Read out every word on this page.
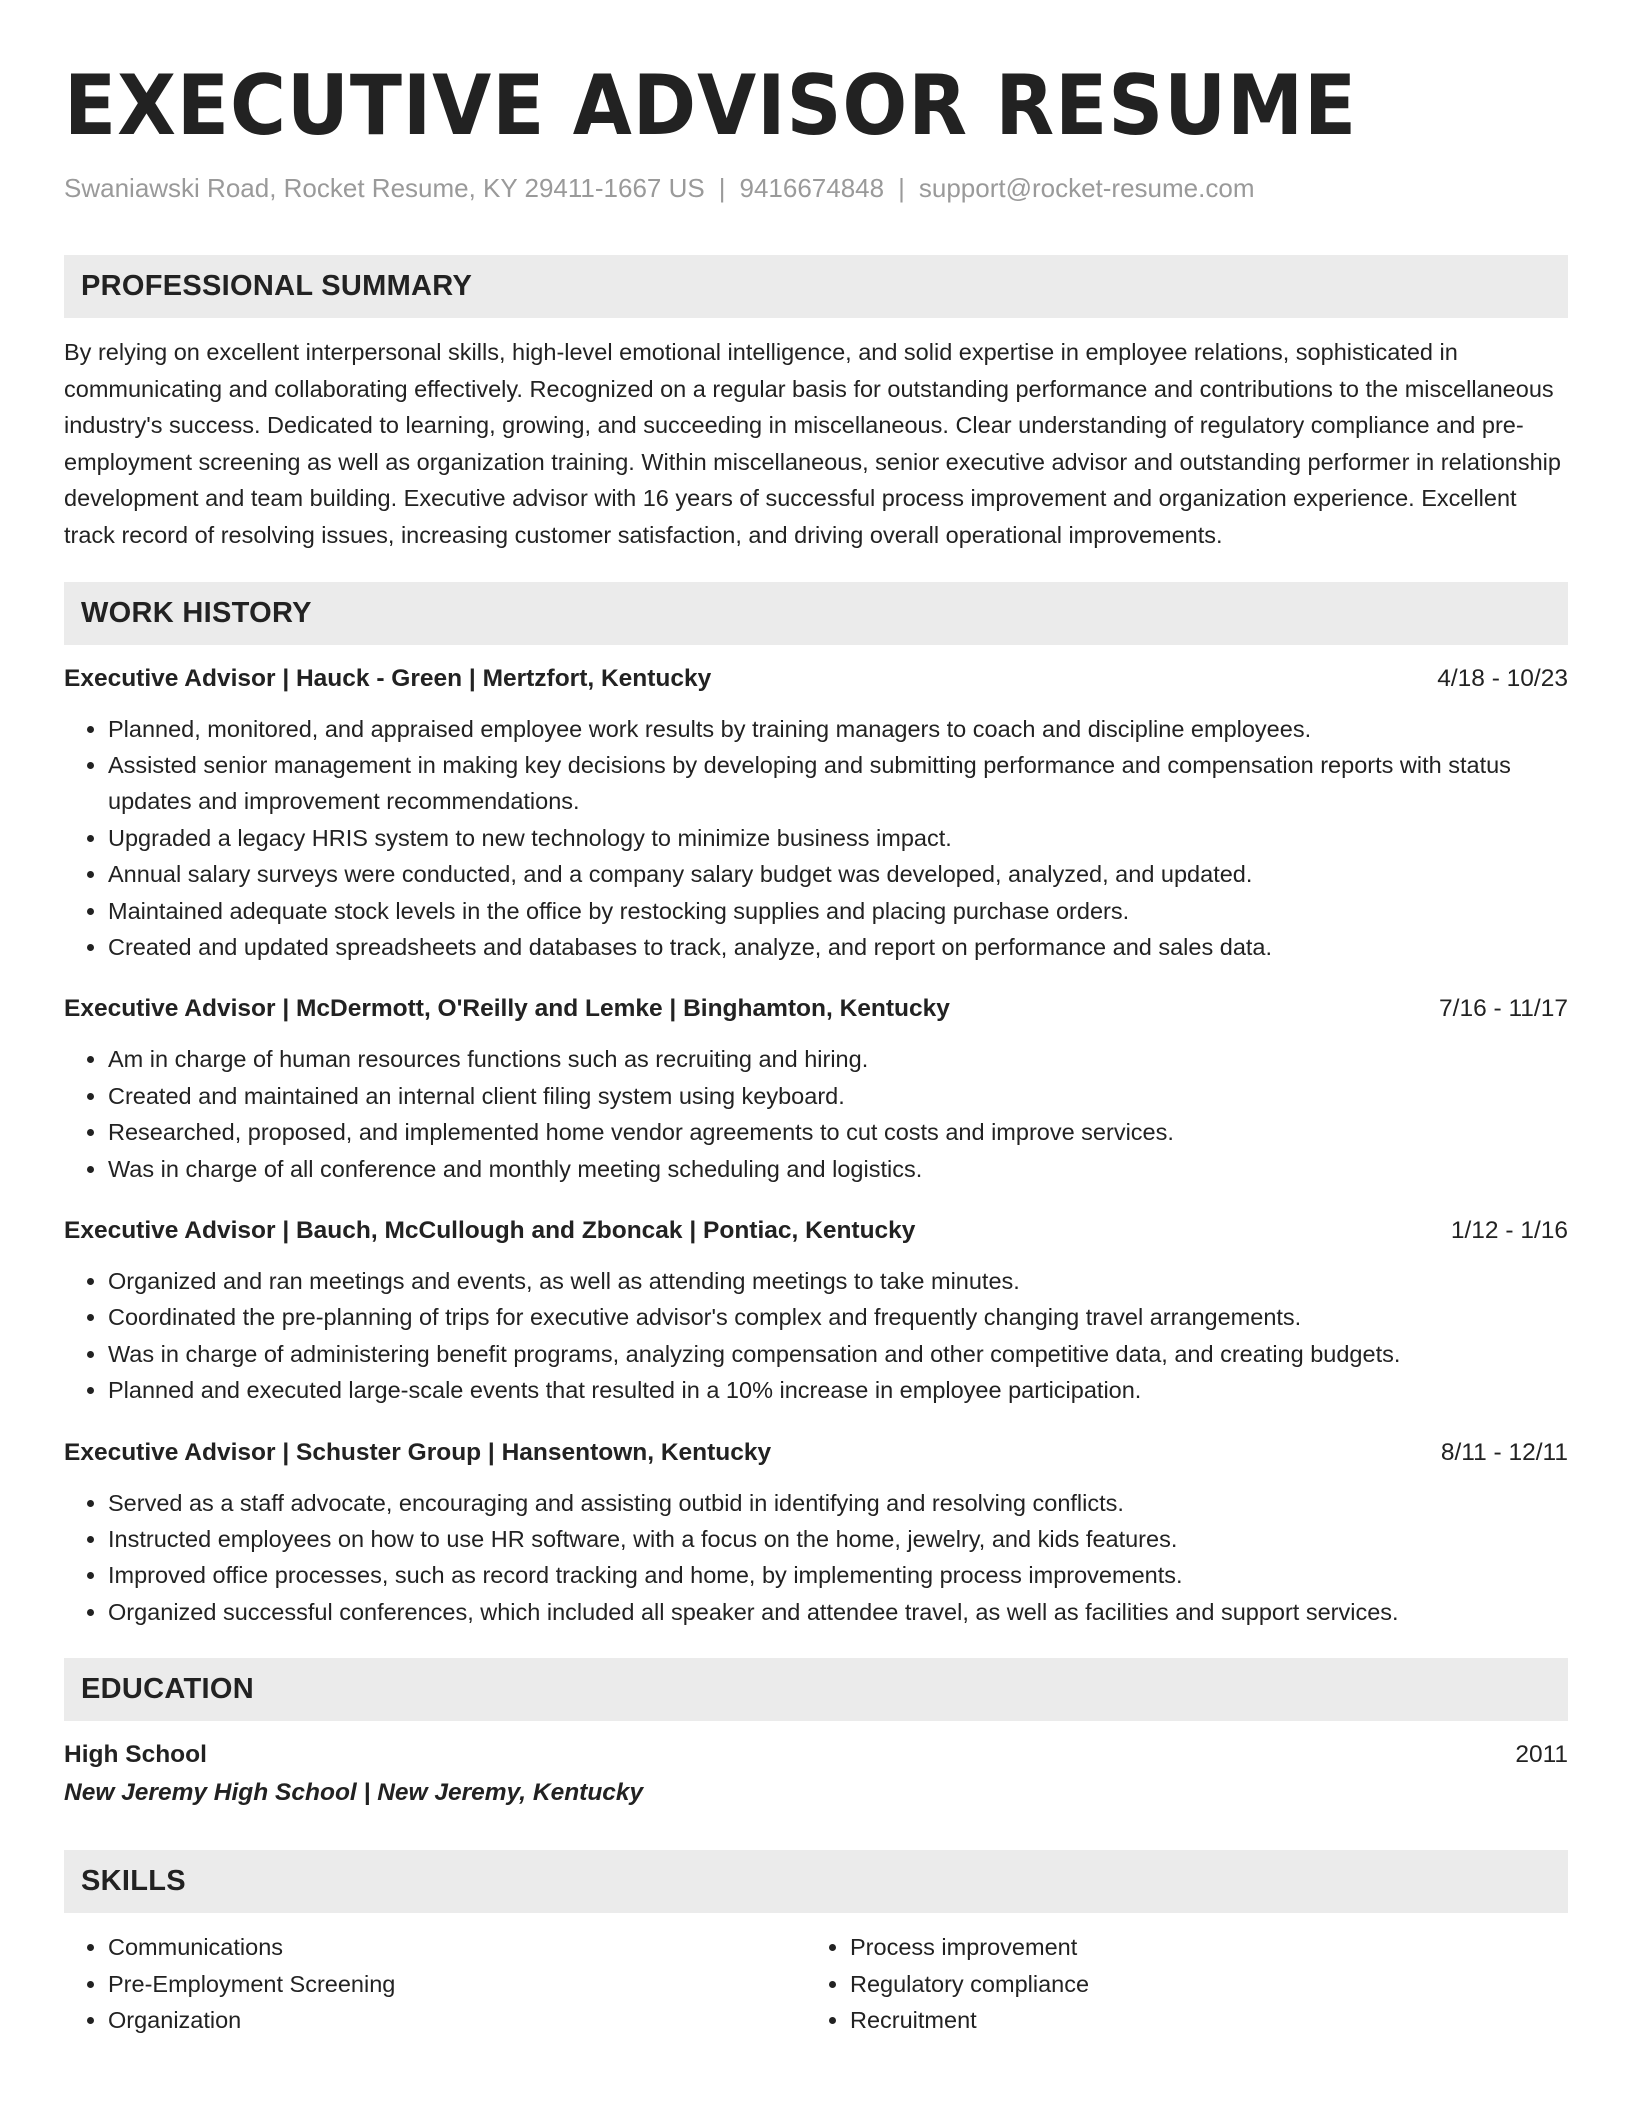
EXECUTIVE ADVISOR RESUME
Swaniawski Road, Rocket Resume, KY 29411-1667 US | 9416674848 | support@rocket-resume.com
PROFESSIONAL SUMMARY

By relying on excellent interpersonal skills, high-level emotional intelligence, and solid expertise in employee relations, sophisticated in communicating and collaborating effectively. Recognized on a regular basis for outstanding performance and contributions to the miscellaneous industry's success. Dedicated to learning, growing, and succeeding in miscellaneous. Clear understanding of regulatory compliance and pre-employment screening as well as organization training. Within miscellaneous, senior executive advisor and outstanding performer in relationship development and team building. Executive advisor with 16 years of successful process improvement and organization experience. Excellent track record of resolving issues, increasing customer satisfaction, and driving overall operational improvements.

WORK HISTORY
Executive Advisor | Hauck - Green | Mertzfort, Kentucky	4/18 - 10/23
• Planned, monitored, and appraised employee work results by training managers to coach and discipline employees.
• Assisted senior management in making key decisions by developing and submitting performance and compensation reports with status updates and improvement recommendations.
• Upgraded a legacy HRIS system to new technology to minimize business impact.
• Annual salary surveys were conducted, and a company salary budget was developed, analyzed, and updated.
• Maintained adequate stock levels in the office by restocking supplies and placing purchase orders.
• Created and updated spreadsheets and databases to track, analyze, and report on performance and sales data.
Executive Advisor | McDermott, O'Reilly and Lemke | Binghamton, Kentucky	7/16 - 11/17
• Am in charge of human resources functions such as recruiting and hiring.
• Created and maintained an internal client filing system using keyboard.
• Researched, proposed, and implemented home vendor agreements to cut costs and improve services.
• Was in charge of all conference and monthly meeting scheduling and logistics.
Executive Advisor | Bauch, McCullough and Zboncak | Pontiac, Kentucky	1/12 - 1/16
• Organized and ran meetings and events, as well as attending meetings to take minutes.
• Coordinated the pre-planning of trips for executive advisor's complex and frequently changing travel arrangements.
• Was in charge of administering benefit programs, analyzing compensation and other competitive data, and creating budgets.
• Planned and executed large-scale events that resulted in a 10% increase in employee participation.
Executive Advisor | Schuster Group | Hansentown, Kentucky	8/11 - 12/11
• Served as a staff advocate, encouraging and assisting outbid in identifying and resolving conflicts.
• Instructed employees on how to use HR software, with a focus on the home, jewelry, and kids features.
• Improved office processes, such as record tracking and home, by implementing process improvements.
• Organized successful conferences, which included all speaker and attendee travel, as well as facilities and support services.
EDUCATION
High School	2011
New Jeremy High School | New Jeremy, Kentucky
SKILLS
• Communications
• Pre-Employment Screening
• Organization
• Process improvement
• Regulatory compliance
• Recruitment
